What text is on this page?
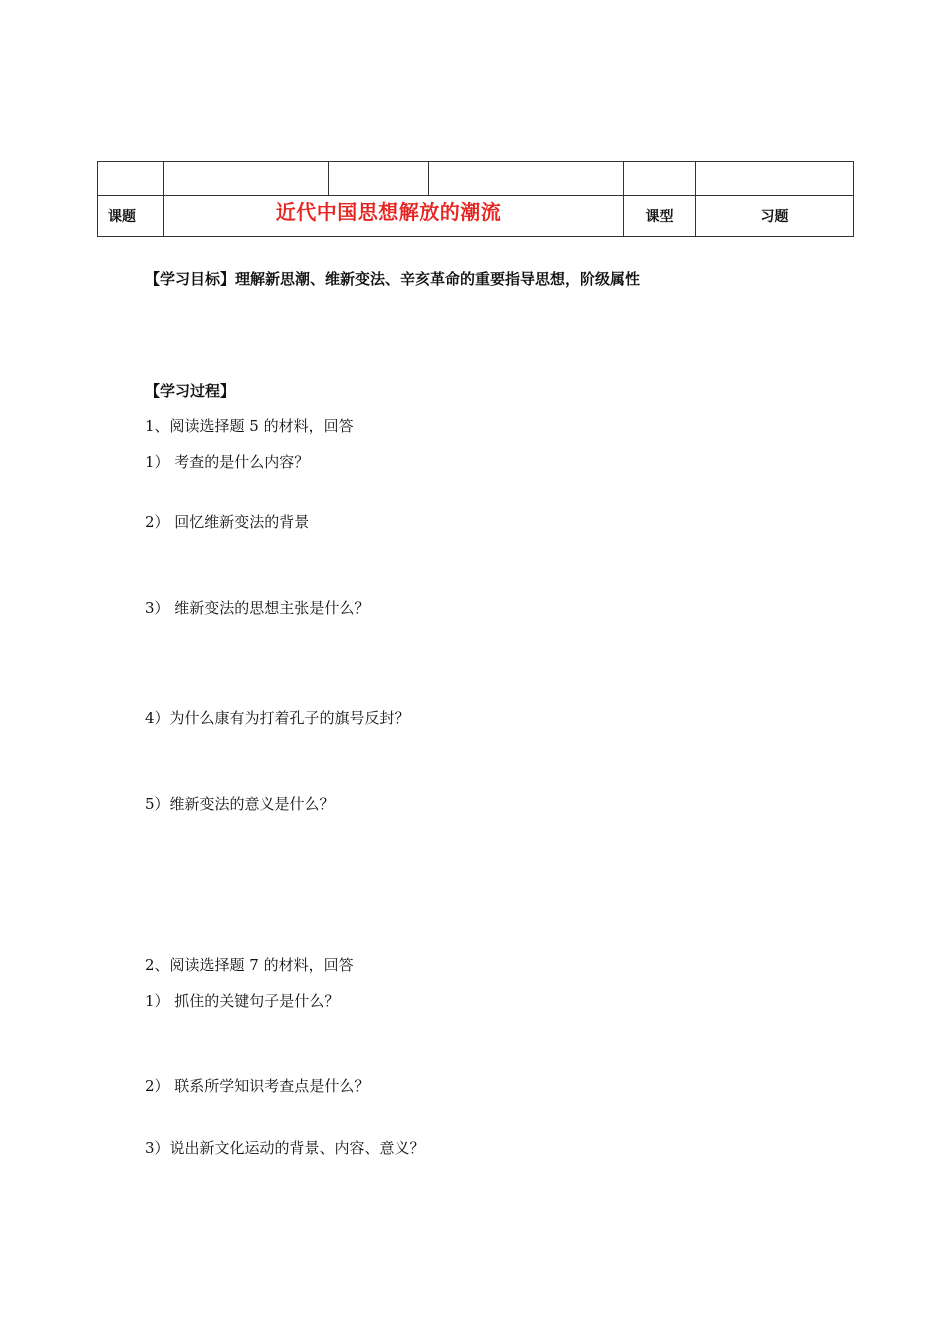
课题	近代中国思想解放的潮流			课型	习题
【学习目标】理解新思潮、维新变法、辛亥革命的重要指导思想，阶级属性
【学习过程】
1、阅读选择题 5 的材料，回答
1） 考查的是什么内容？
2） 回忆维新变法的背景
3） 维新变法的思想主张是什么？
4）为什么康有为打着孔子的旗号反封？
5）维新变法的意义是什么？
2、阅读选择题 7 的材料，回答
1） 抓住的关键句子是什么？
2） 联系所学知识考查点是什么？
3）说出新文化运动的背景、内容、意义？
